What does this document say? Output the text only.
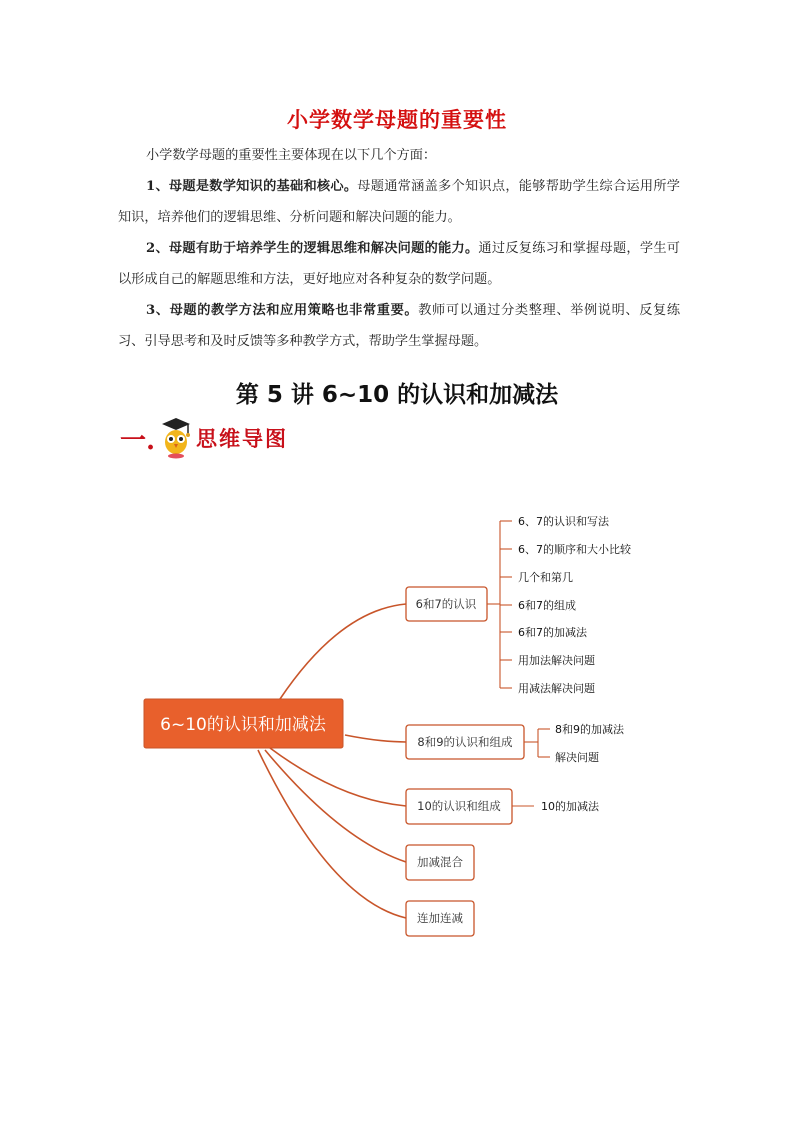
小学数学母题的重要性
小学数学母题的重要性主要体现在以下几个方面：
1、母题是数学知识的基础和核心。母题通常涵盖多个知识点，能够帮助学生综合运用所学知识，培养他们的逻辑思维、分析问题和解决问题的能力。
2、母题有助于培养学生的逻辑思维和解决问题的能力。通过反复练习和掌握母题，学生可以形成自己的解题思维和方法，更好地应对各种复杂的数学问题。
3、母题的教学方法和应用策略也非常重要。教师可以通过分类整理、举例说明、反复练习、引导思考和及时反馈等多种教学方式，帮助学生掌握母题。
第 5 讲 6~10 的认识和加减法
一. 思维导图
6~10的认识和加减法
6和7的认识
8和9的认识和组成
10的认识和组成
加减混合
连加连减
6、7的认识和写法
6、7的顺序和大小比较
几个和第几
6和7的组成
6和7的加减法
用加法解决问题
用减法解决问题
8和9的加减法
解决问题
10的加减法
